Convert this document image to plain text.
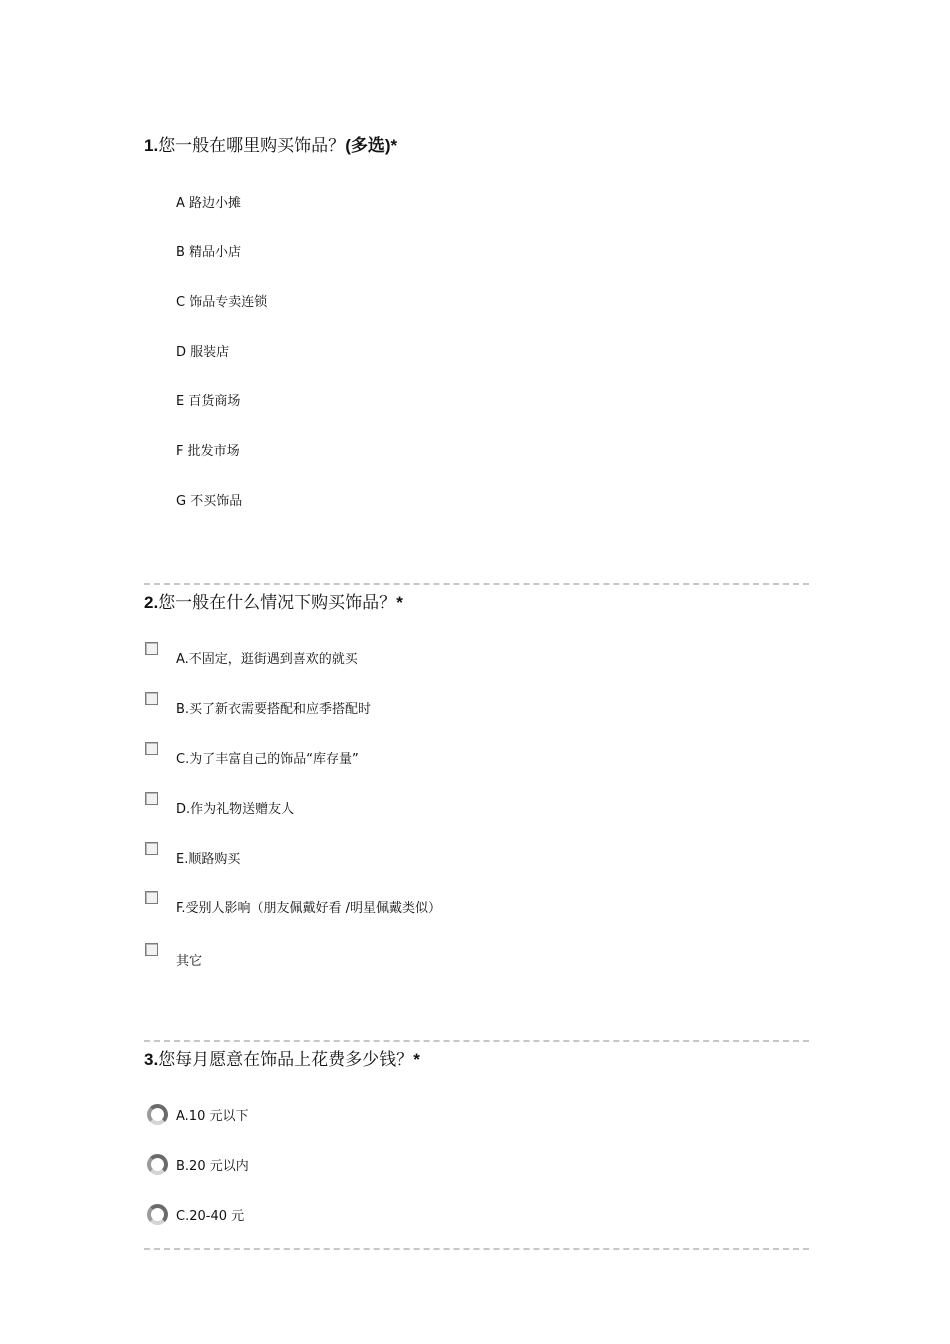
1.您一般在哪里购买饰品？(多选)*
A 路边小摊
B 精品小店
C 饰品专卖连锁
D 服装店
E 百货商场
F 批发市场
G 不买饰品
2.您一般在什么情况下购买饰品？*
A.不固定，逛街遇到喜欢的就买
B.买了新衣需要搭配和应季搭配时
C.为了丰富自己的饰品“库存量”
D.作为礼物送赠友人
E.顺路购买
F.受别人影响（朋友佩戴好看 /明星佩戴类似）
其它
3.您每月愿意在饰品上花费多少钱？*
A.10 元以下
B.20 元以内
C.20-40 元
